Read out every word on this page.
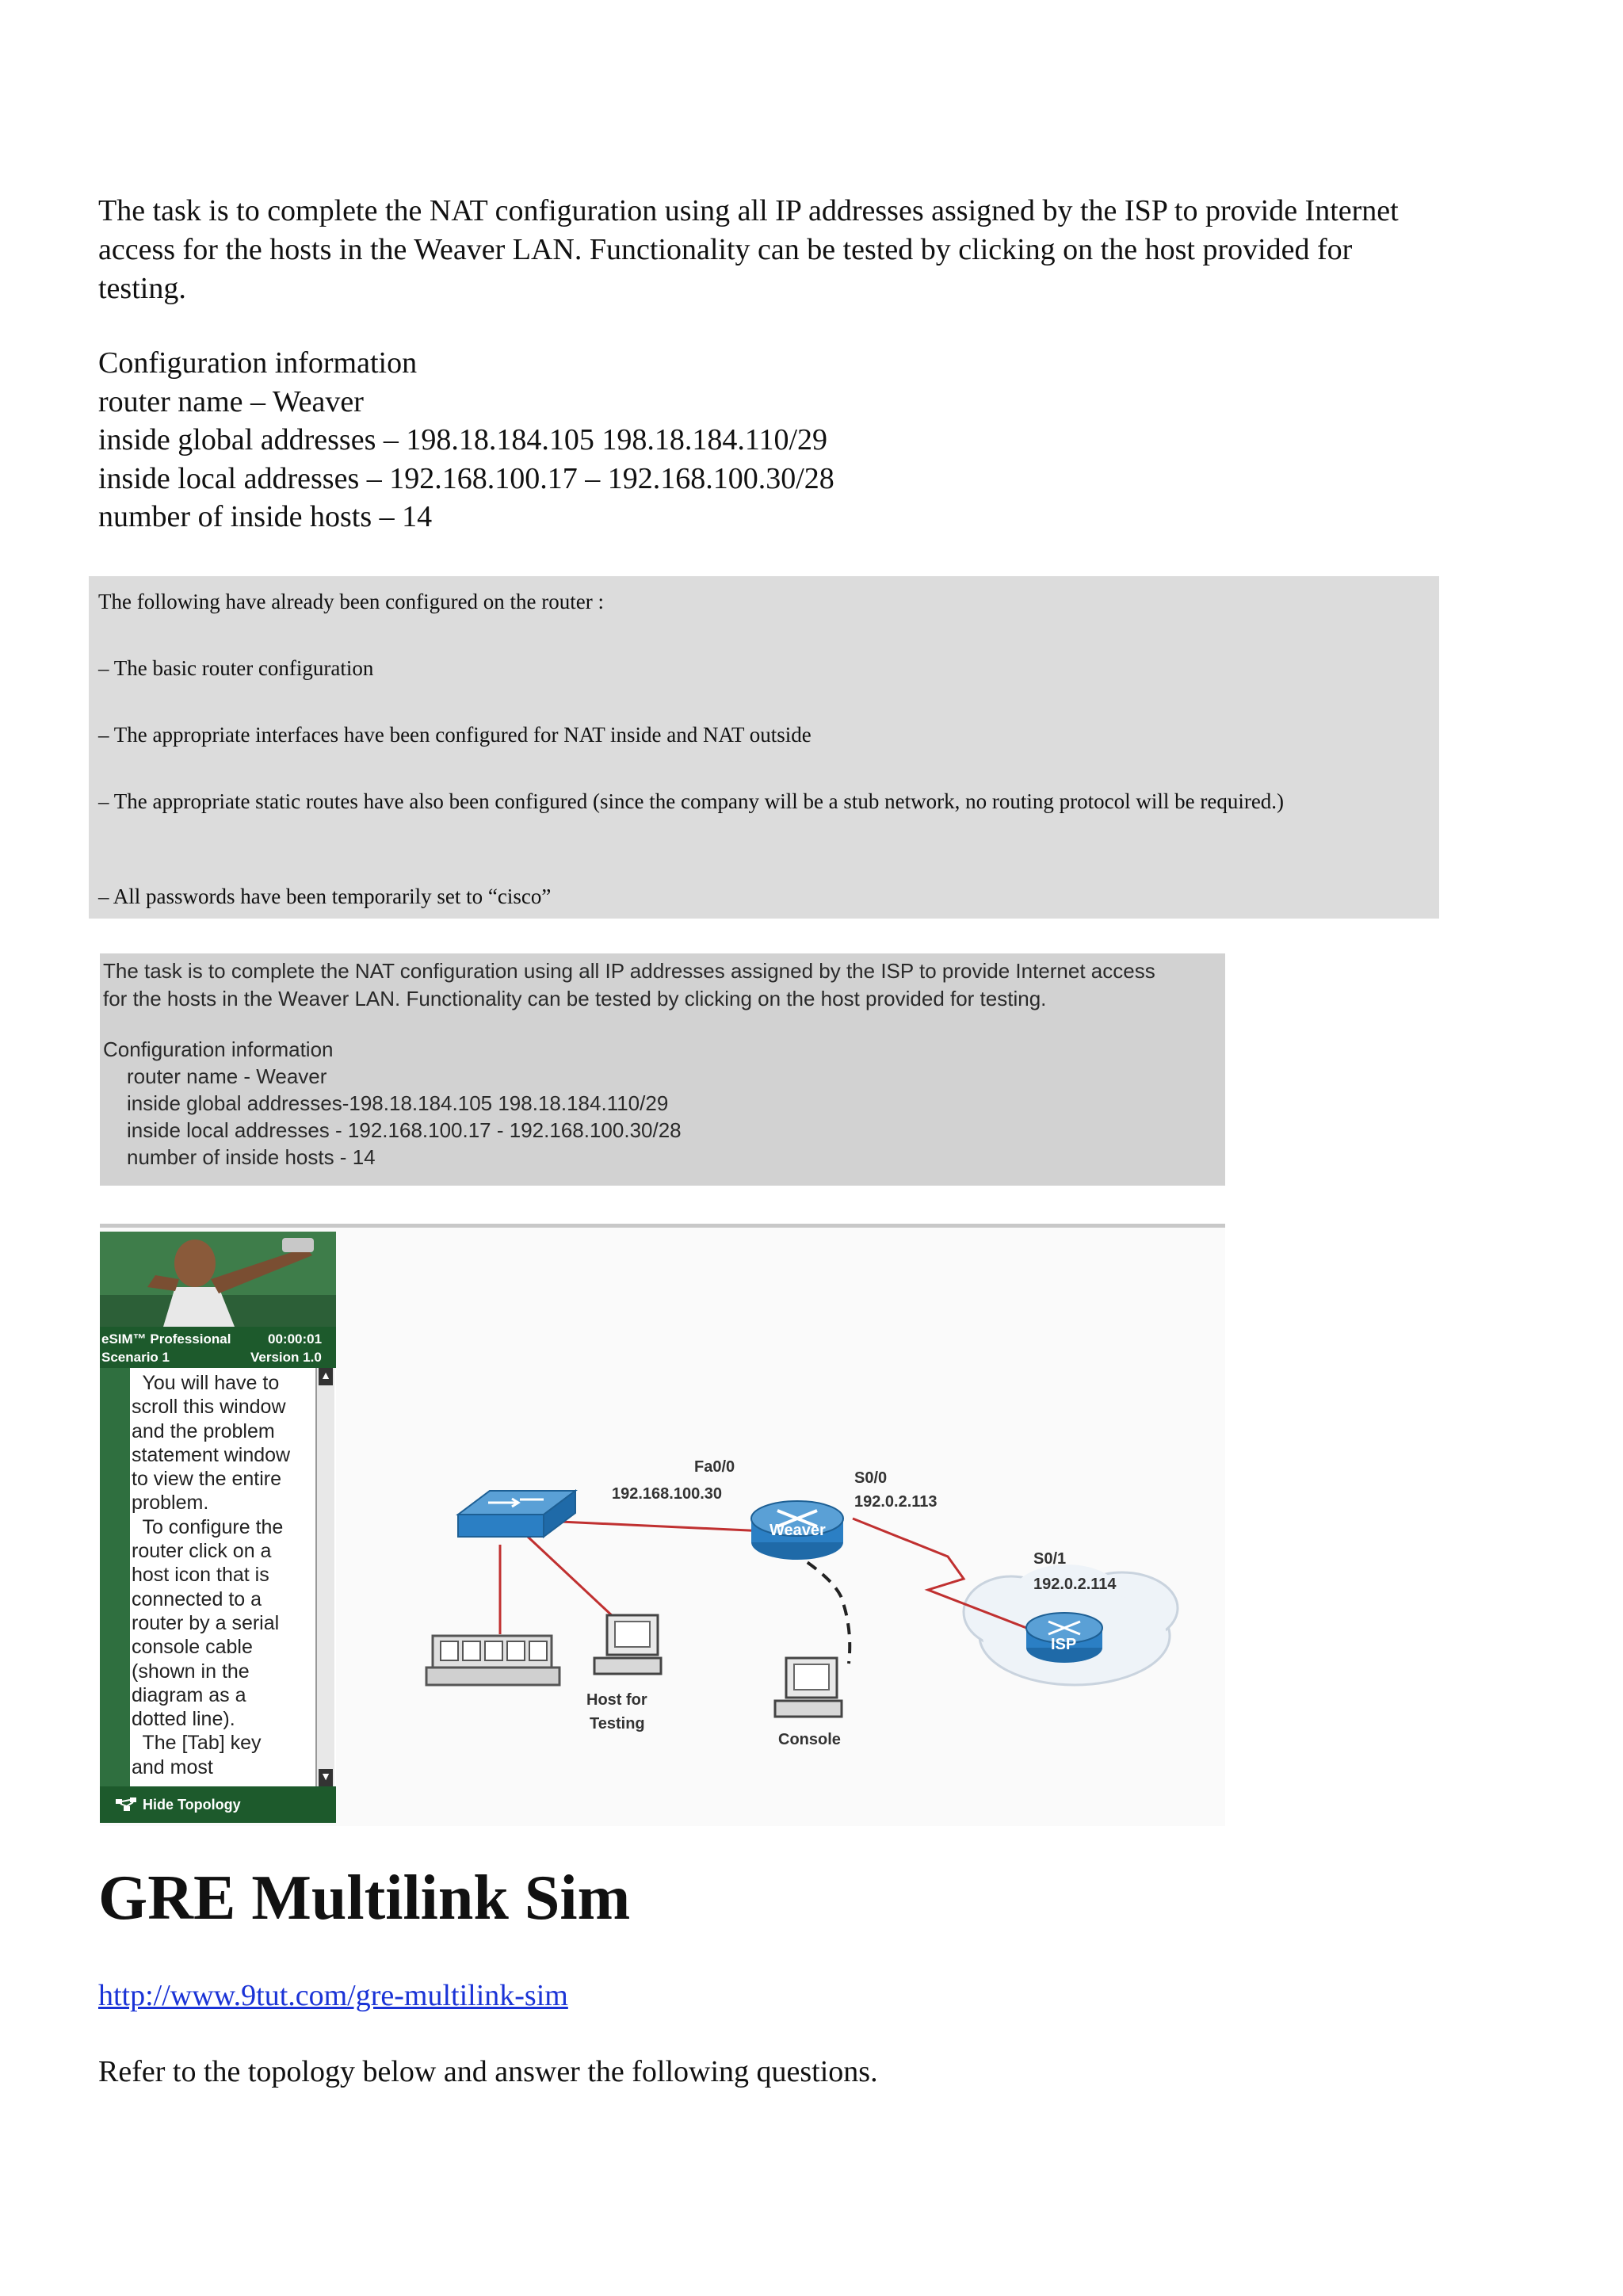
The task is to complete the NAT configuration using all IP addresses assigned by the ISP to provide Internet access for the hosts in the Weaver LAN. Functionality can be tested by clicking on the host provided for testing.

Configuration information
router name – Weaver
inside global addresses – 198.18.184.105 198.18.184.110/29
inside local addresses – 192.168.100.17 – 192.168.100.30/28
number of inside hosts – 14

The following have already been configured on the router :

– The basic router configuration

– The appropriate interfaces have been configured for NAT inside and NAT outside

– The appropriate static routes have also been configured (since the company will be a stub network, no routing protocol will be required.)

– All passwords have been temporarily set to “cisco”

The task is to complete the NAT configuration using all IP addresses assigned by the ISP to provide Internet access
for the hosts in the Weaver LAN. Functionality can be tested by clicking on the host provided for testing.
Configuration information
router name - Weaver
inside global addresses-198.18.184.105 198.18.184.110/29
inside local addresses - 192.168.100.17 - 192.168.100.30/28
number of inside hosts - 14
eSIM™ Professional	00:00:01
Scenario 1	Version 1.0
You will have to
scroll this window
and the problem
statement window
to view the entire
problem.
To configure the
router click on a
host icon that is
connected to a
router by a serial
console cable
(shown in the
diagram as a
dotted line).
The [Tab] key
and most
▲
▼
Hide Topology
Fa0/0
192.168.100.30
Weaver
S0/0
192.0.2.113
S0/1
192.0.2.114
ISP
Host for
Testing
Console
GRE Multilink Sim
http://www.9tut.com/gre-multilink-sim

Refer to the topology below and answer the following questions.
